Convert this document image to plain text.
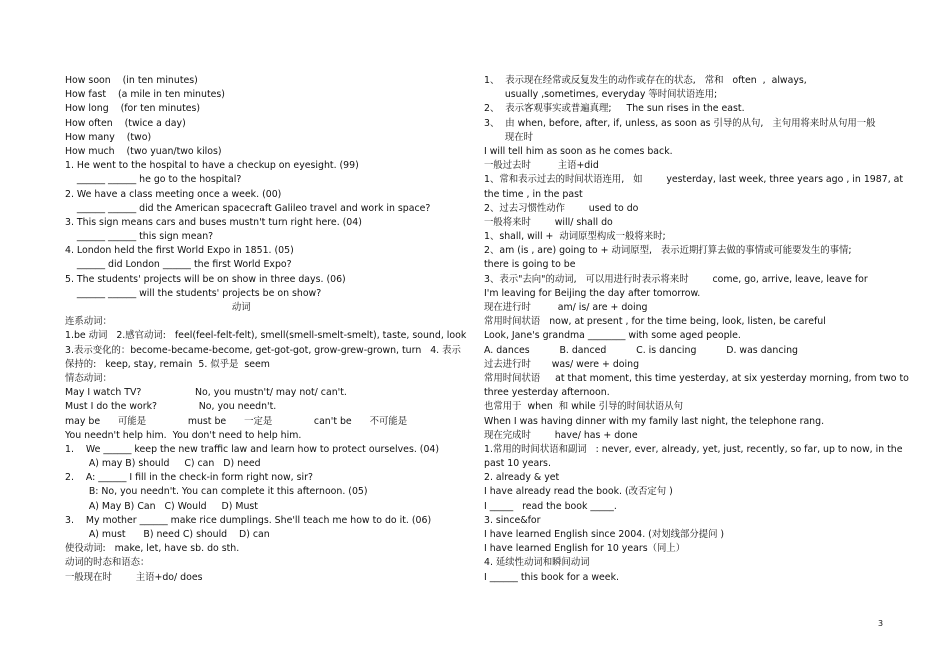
How soon    (in ten minutes)
How fast    (a mile in ten minutes)
How long    (for ten minutes)
How often    (twice a day)
How many    (two)
How much    (two yuan/two kilos)
1. He went to the hospital to have a checkup on eyesight. (99)
______ ______ he go to the hospital?
2. We have a class meeting once a week. (00)
______ ______ did the American spacecraft Galileo travel and work in space?
3. This sign means cars and buses mustn't turn right here. (04)
______ ______ this sign mean?
4. London held the first World Expo in 1851. (05)
______ did London ______ the first World Expo?
5. The students' projects will be on show in three days. (06)
______ ______ will the students' projects be on show?
动词
连系动词：
1.be 动词   2.感官动词:   feel(feel-felt-felt), smell(smell-smelt-smelt), taste, sound, look
3.表示变化的：become-became-become, get-got-got, grow-grew-grown, turn   4. 表示
保持的:   keep, stay, remain  5. 似乎是  seem
情态动词：
May I watch TV?                  No, you mustn't/ may not/ can't.
Must I do the work?              No, you needn't.
may be      可能是              must be      一定是              can't be      不可能是
You needn't help him.  You don't need to help him.
1.    We ______ keep the new traffic law and learn how to protect ourselves. (04)
A) may B) should     C) can   D) need
2.    A: ______ I fill in the check-in form right now, sir?
B: No, you needn't. You can complete it this afternoon. (05)
A) May B) Can   C) Would     D) Must
3.    My mother ______ make rice dumplings. She'll teach me how to do it. (06)
A) must      B) need C) should    D) can
使役动词:   make, let, have sb. do sth.
动词的时态和语态：
一般现在时        主语+do/ does
1、  表示现在经常或反复发生的动作或存在的状态,   常和   often  ,  always,
usually ,sometimes, everyday 等时间状语连用;
2、  表示客观事实或普遍真理;     The sun rises in the east.
3、  由 when, before, after, if, unless, as soon as 引导的从句,   主句用将来时从句用一般
现在时
I will tell him as soon as he comes back.
一般过去时         主语+did
1、常和表示过去的时间状语连用,   如        yesterday, last week, three years ago , in 1987, at
the time , in the past
2、过去习惯性动作        used to do
一般将来时        will/ shall do
1、shall, will +  动词原型构成一般将来时;
2、am (is , are) going to + 动词原型,   表示近期打算去做的事情或可能要发生的事情;
there is going to be
3、表示"去向"的动词,   可以用进行时表示将来时        come, go, arrive, leave, leave for
I'm leaving for Beijing the day after tomorrow.
现在进行时         am/ is/ are + doing
常用时间状语   now, at present , for the time being, look, listen, be careful
Look, Jane's grandma ________ with some aged people.
A. dances          B. danced          C. is dancing          D. was dancing
过去进行时       was/ were + doing
常用时间状语     at that moment, this time yesterday, at six yesterday morning, from two to
three yesterday afternoon.
也常用于  when  和 while 引导的时间状语从句
When I was having dinner with my family last night, the telephone rang.
现在完成时        have/ has + done
1.常用的时间状语和副词   : never, ever, already, yet, just, recently, so far, up to now, in the
past 10 years.
2. already & yet
I have already read the book. (改否定句 )
I _____   read the book _____.
3. since&for
I have learned English since 2004. (对划线部分提问 )
I have learned English for 10 years（同上）
4. 延续性动词和瞬间动词
I ______ this book for a week.
3
